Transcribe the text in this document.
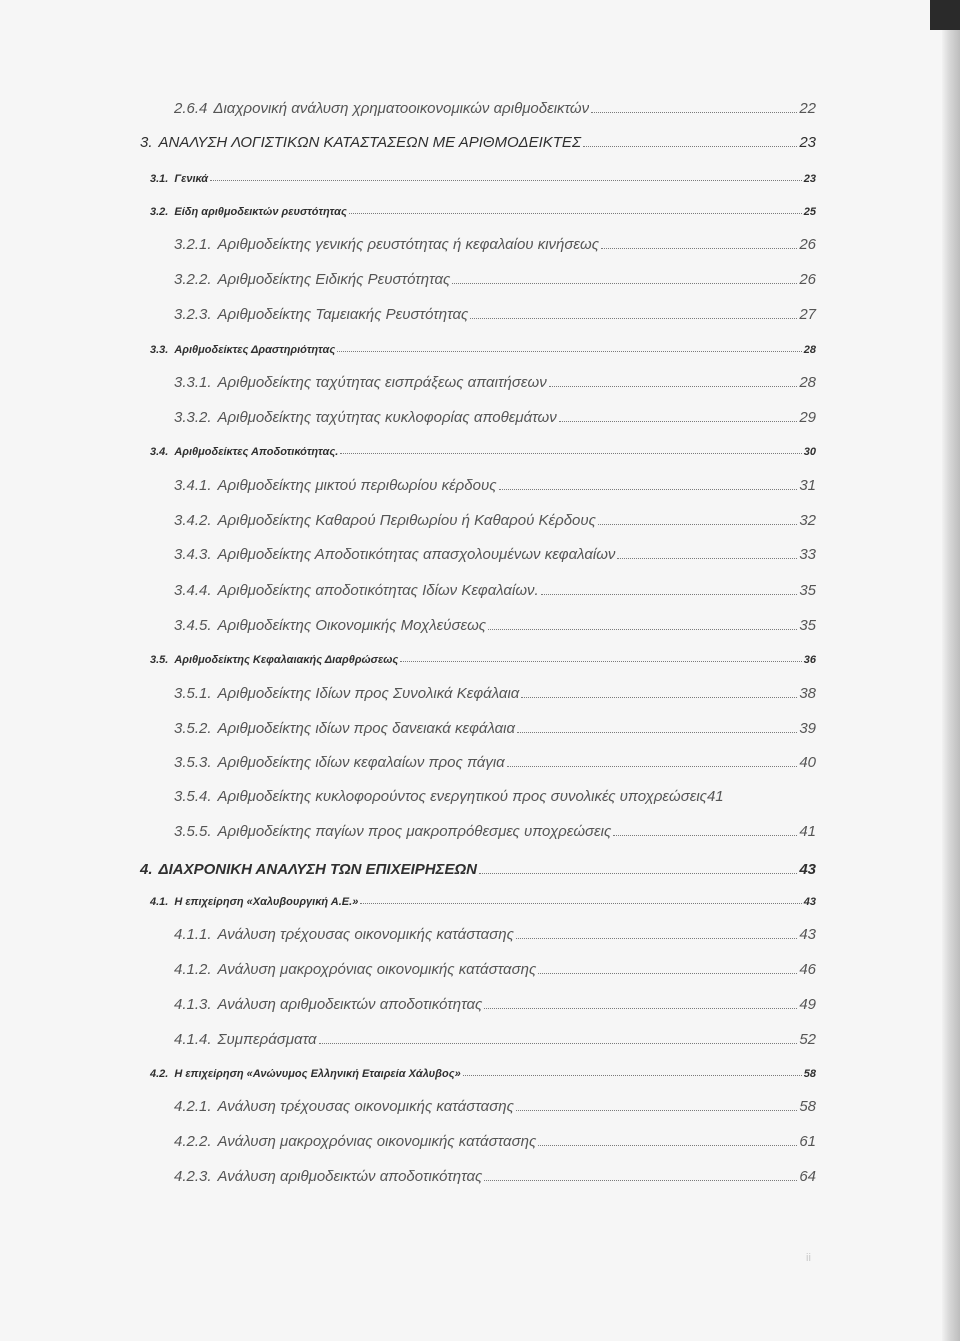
2.6.4 Διαχρονική ανάλυση χρηματοοικονομικών αριθμοδεικτών	22
3. ΑΝΑΛΥΣΗ ΛΟΓΙΣΤΙΚΩΝ ΚΑΤΑΣΤΑΣΕΩΝ ΜΕ ΑΡΙΘΜΟΔΕΙΚΤΕΣ	23
3.1. Γενικά	23
3.2. Είδη αριθμοδεικτών ρευστότητας	25
3.2.1. Αριθμοδείκτης γενικής ρευστότητας ή κεφαλαίου κινήσεως	26
3.2.2. Αριθμοδείκτης Ειδικής Ρευστότητας	26
3.2.3. Αριθμοδείκτης Ταμειακής Ρευστότητας	27
3.3. Αριθμοδείκτες Δραστηριότητας	28
3.3.1. Αριθμοδείκτης ταχύτητας εισπράξεως απαιτήσεων	28
3.3.2. Αριθμοδείκτης ταχύτητας κυκλοφορίας αποθεμάτων	29
3.4. Αριθμοδείκτες Αποδοτικότητας.	30
3.4.1. Αριθμοδείκτης μικτού περιθωρίου κέρδους	31
3.4.2. Αριθμοδείκτης Καθαρού Περιθωρίου ή Καθαρού Κέρδους	32
3.4.3. Αριθμοδείκτης Αποδοτικότητας απασχολουμένων κεφαλαίων	33
3.4.4. Αριθμοδείκτης αποδοτικότητας Ιδίων Κεφαλαίων.	35
3.4.5. Αριθμοδείκτης Οικονομικής Μοχλεύσεως	35
3.5. Αριθμοδείκτης Κεφαλαιακής Διαρθρώσεως	36
3.5.1. Αριθμοδείκτης Ιδίων προς Συνολικά Κεφάλαια	38
3.5.2. Αριθμοδείκτης ιδίων προς δανειακά κεφάλαια	39
3.5.3. Αριθμοδείκτης ιδίων κεφαλαίων προς πάγια	40
3.5.4. Αριθμοδείκτης κυκλοφορούντος ενεργητικού προς συνολικές υποχρεώσεις 41
3.5.5. Αριθμοδείκτης παγίων προς μακροπρόθεσμες υποχρεώσεις	41
4. ΔΙΑΧΡΟΝΙΚΗ ΑΝΑΛΥΣΗ ΤΩΝ ΕΠΙΧΕΙΡΗΣΕΩΝ	43
4.1. Η επιχείρηση «Χαλυβουργική Α.Ε.»	43
4.1.1. Ανάλυση τρέχουσας οικονομικής κατάστασης	43
4.1.2. Ανάλυση μακροχρόνιας οικονομικής κατάστασης	46
4.1.3. Ανάλυση αριθμοδεικτών αποδοτικότητας	49
4.1.4. Συμπεράσματα	52
4.2. Η επιχείρηση «Ανώνυμος Ελληνική Εταιρεία Χάλυβος»	58
4.2.1. Ανάλυση τρέχουσας οικονομικής κατάστασης	58
4.2.2. Ανάλυση μακροχρόνιας οικονομικής κατάστασης	61
4.2.3. Ανάλυση αριθμοδεικτών αποδοτικότητας	64
ii
